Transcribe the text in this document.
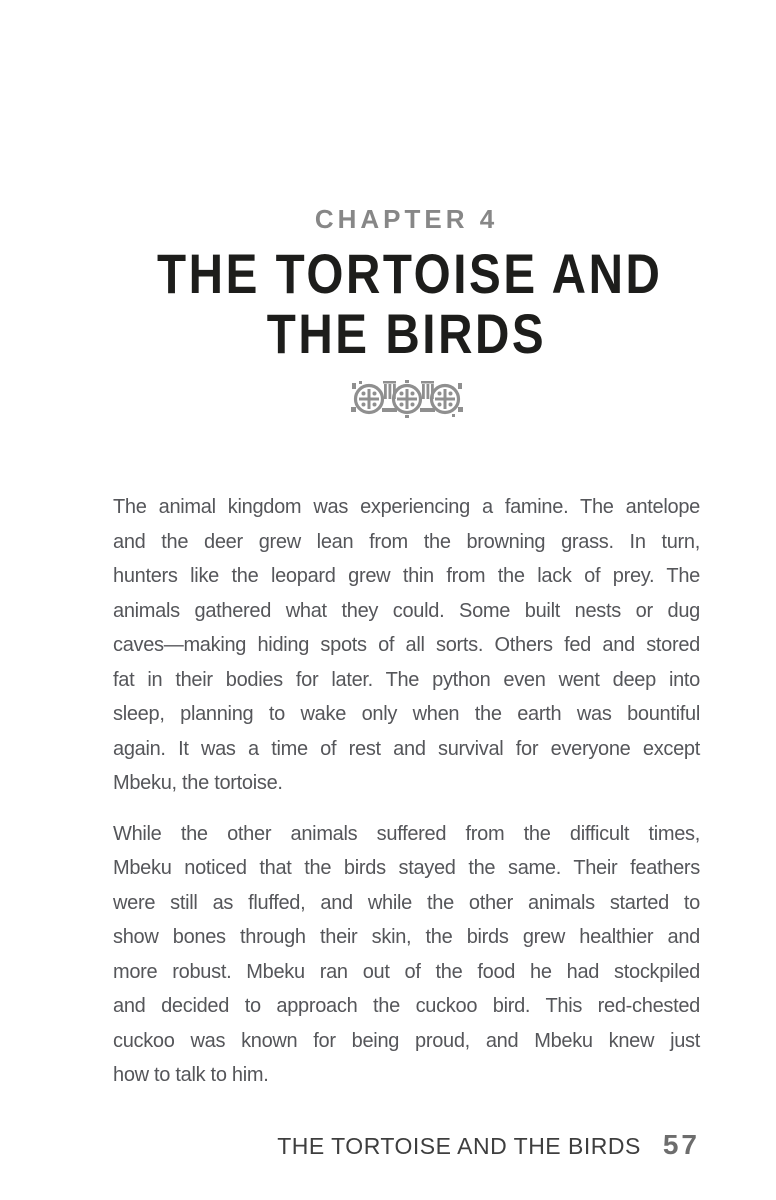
CHAPTER 4
THE TORTOISE AND
THE BIRDS
The animal kingdom was experiencing a famine. The antelope
and the deer grew lean from the browning grass. In turn,
hunters like the leopard grew thin from the lack of prey. The
animals gathered what they could. Some built nests or dug
caves—making hiding spots of all sorts. Others fed and stored
fat in their bodies for later. The python even went deep into
sleep, planning to wake only when the earth was bountiful
again. It was a time of rest and survival for everyone except
Mbeku, the tortoise.
While the other animals suffered from the difficult times,
Mbeku noticed that the birds stayed the same. Their feathers
were still as fluffed, and while the other animals started to
show bones through their skin, the birds grew healthier and
more robust. Mbeku ran out of the food he had stockpiled
and decided to approach the cuckoo bird. This red-chested
cuckoo was known for being proud, and Mbeku knew just
how to talk to him.
THE TORTOISE AND THE BIRDS 57
